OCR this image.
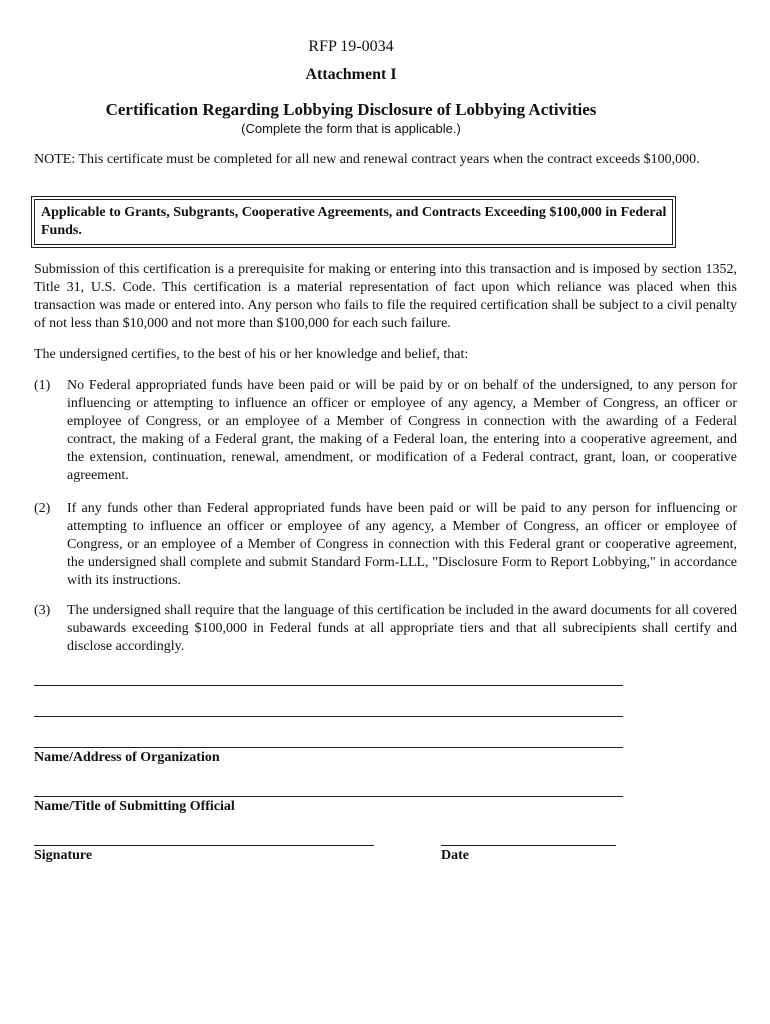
RFP 19-0034
Attachment I
Certification Regarding Lobbying Disclosure of Lobbying Activities
(Complete the form that is applicable.)
NOTE: This certificate must be completed for all new and renewal contract years when the contract exceeds $100,000.
Applicable to Grants, Subgrants, Cooperative Agreements, and Contracts Exceeding $100,000 in Federal Funds.
Submission of this certification is a prerequisite for making or entering into this transaction and is imposed by section 1352, Title 31, U.S. Code. This certification is a material representation of fact upon which reliance was placed when this transaction was made or entered into. Any person who fails to file the required certification shall be subject to a civil penalty of not less than $10,000 and not more than $100,000 for each such failure.
The undersigned certifies, to the best of his or her knowledge and belief, that:
(1) No Federal appropriated funds have been paid or will be paid by or on behalf of the undersigned, to any person for influencing or attempting to influence an officer or employee of any agency, a Member of Congress, an officer or employee of Congress, or an employee of a Member of Congress in connection with the awarding of a Federal contract, the making of a Federal grant, the making of a Federal loan, the entering into a cooperative agreement, and the extension, continuation, renewal, amendment, or modification of a Federal contract, grant, loan, or cooperative agreement.
(2) If any funds other than Federal appropriated funds have been paid or will be paid to any person for influencing or attempting to influence an officer or employee of any agency, a Member of Congress, an officer or employee of Congress, or an employee of a Member of Congress in connection with this Federal grant or cooperative agreement, the undersigned shall complete and submit Standard Form-LLL, "Disclosure Form to Report Lobbying," in accordance with its instructions.
(3) The undersigned shall require that the language of this certification be included in the award documents for all covered subawards exceeding $100,000 in Federal funds at all appropriate tiers and that all subrecipients shall certify and disclose accordingly.
Name/Address of Organization
Name/Title of Submitting Official
Signature	Date
